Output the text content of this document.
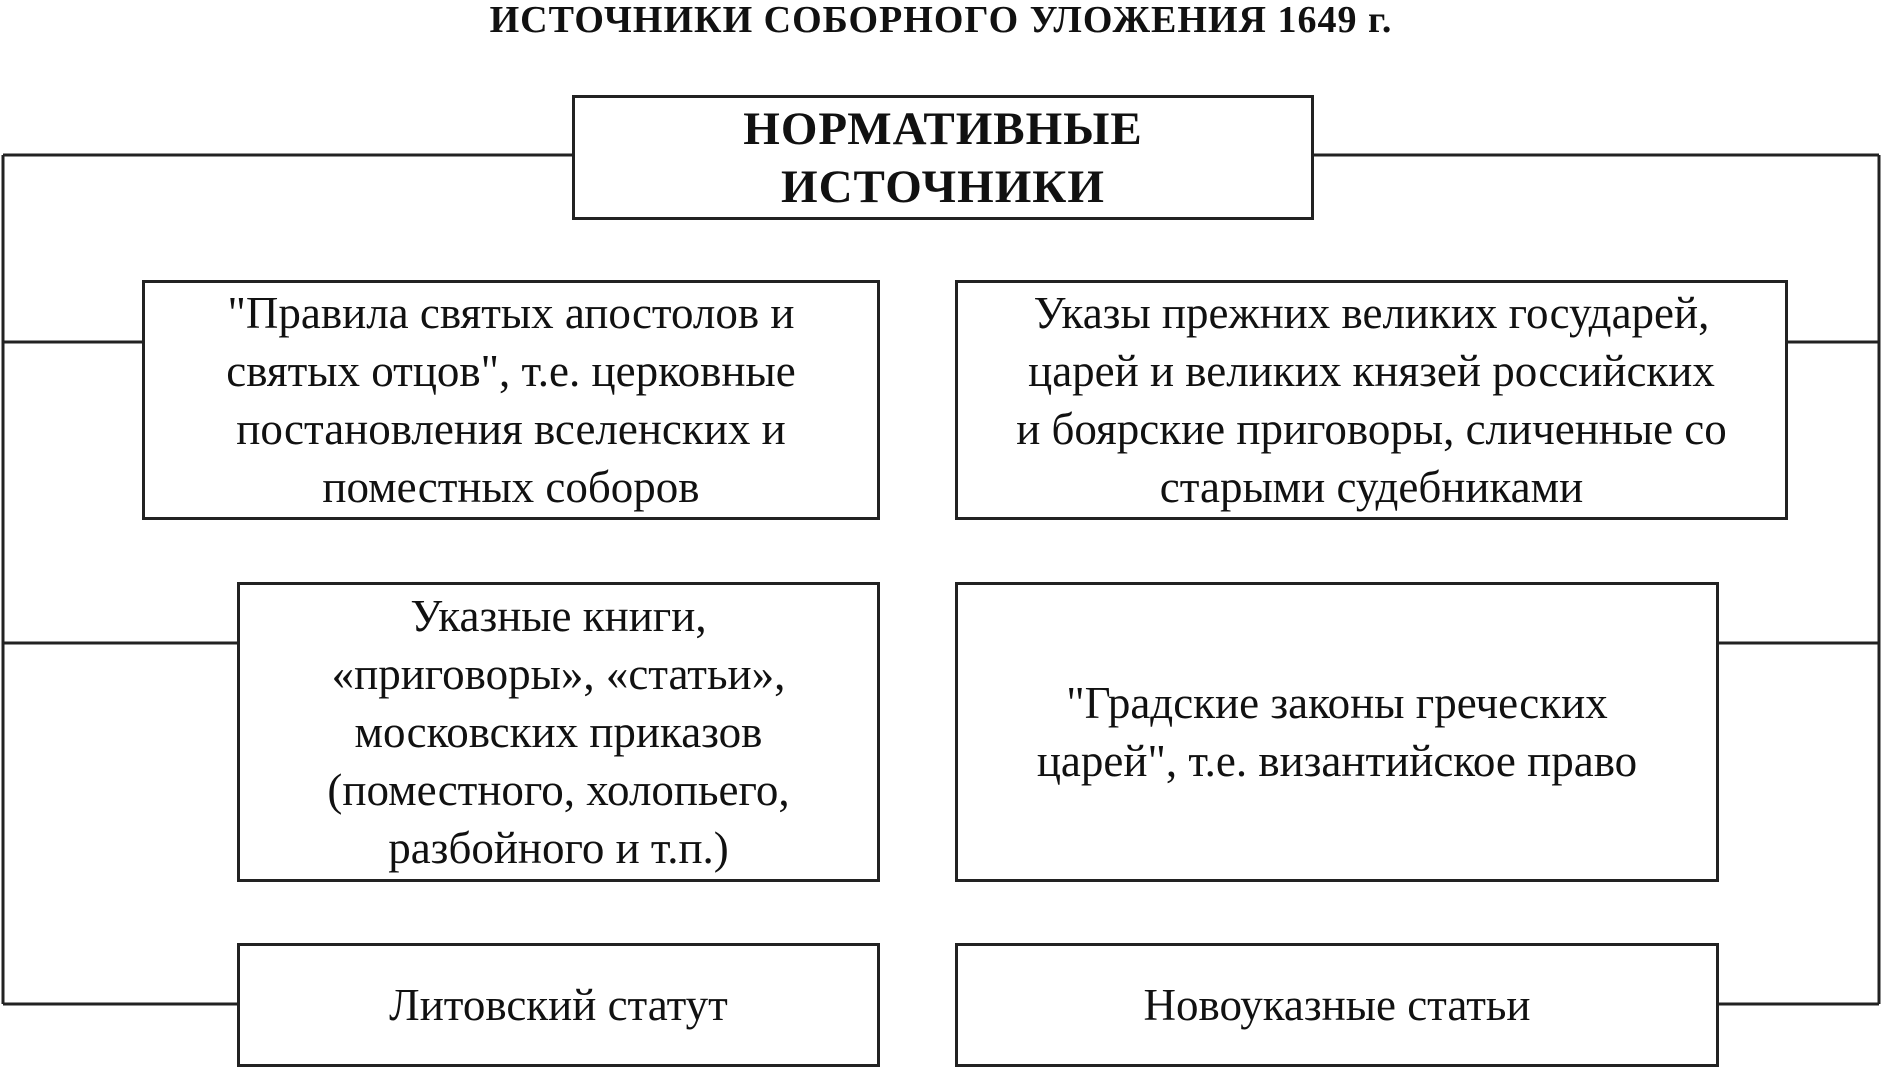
ИСТОЧНИКИ СОБОРНОГО УЛОЖЕНИЯ 1649 г.
НОРМАТИВНЫЕ
ИСТОЧНИКИ
"Правила святых апостолов и
святых отцов", т.е. церковные
постановления вселенских и
поместных соборов
Указные книги,
«приговоры», «статьи»,
московских приказов
(поместного, холопьего,
разбойного и т.п.)
Литовский статут
Указы прежних великих государей,
царей и великих князей российских
и боярские приговоры, сличенные со
старыми судебниками
"Градские законы греческих
царей", т.е. византийское право
Новоуказные статьи
